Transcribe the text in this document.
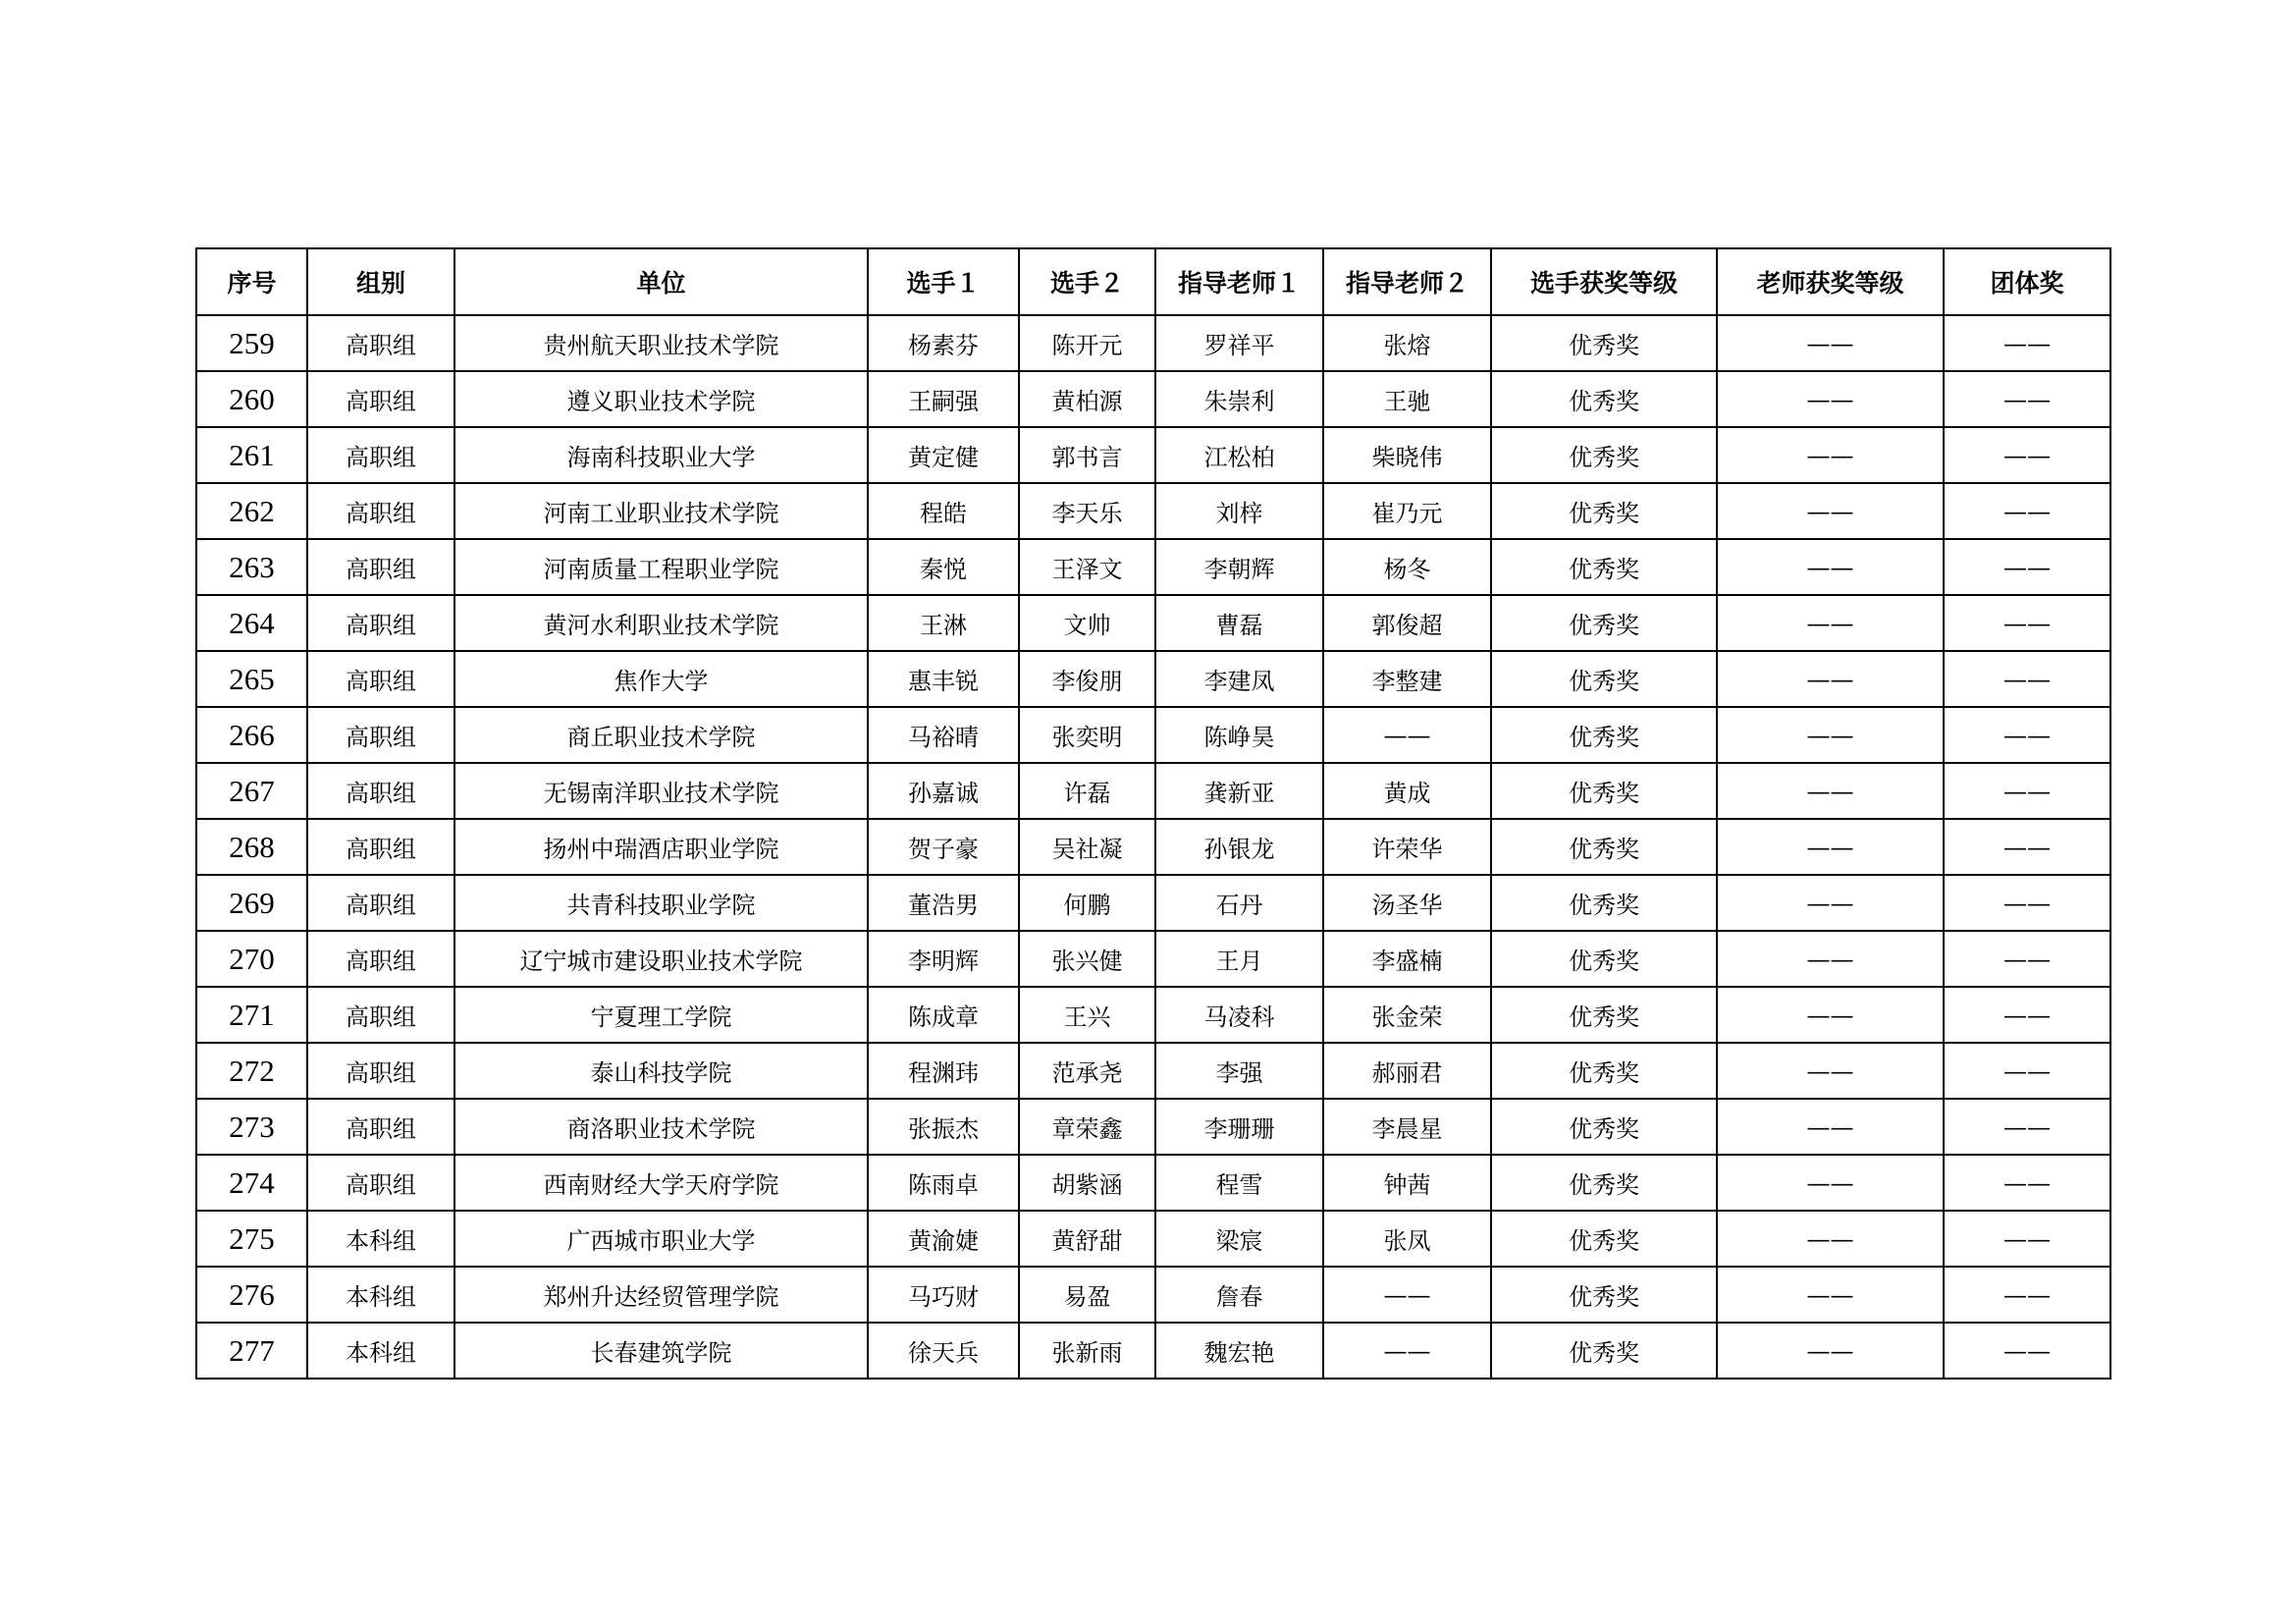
序号	组别	单位	选手１	选手２	指导老师１	指导老师２	选手获奖等级	老师获奖等级	团体奖
259	高职组	贵州航天职业技术学院	杨素芬	陈开元	罗祥平	张熔	优秀奖	——	——
260	高职组	遵义职业技术学院	王嗣强	黄柏源	朱崇利	王驰	优秀奖	——	——
261	高职组	海南科技职业大学	黄定健	郭书言	江松柏	柴晓伟	优秀奖	——	——
262	高职组	河南工业职业技术学院	程皓	李天乐	刘梓	崔乃元	优秀奖	——	——
263	高职组	河南质量工程职业学院	秦悦	王泽文	李朝辉	杨冬	优秀奖	——	——
264	高职组	黄河水利职业技术学院	王淋	文帅	曹磊	郭俊超	优秀奖	——	——
265	高职组	焦作大学	惠丰锐	李俊朋	李建凤	李整建	优秀奖	——	——
266	高职组	商丘职业技术学院	马裕晴	张奕明	陈峥昊	——	优秀奖	——	——
267	高职组	无锡南洋职业技术学院	孙嘉诚	许磊	龚新亚	黄成	优秀奖	——	——
268	高职组	扬州中瑞酒店职业学院	贺子豪	吴社凝	孙银龙	许荣华	优秀奖	——	——
269	高职组	共青科技职业学院	董浩男	何鹏	石丹	汤圣华	优秀奖	——	——
270	高职组	辽宁城市建设职业技术学院	李明辉	张兴健	王月	李盛楠	优秀奖	——	——
271	高职组	宁夏理工学院	陈成章	王兴	马凌科	张金荣	优秀奖	——	——
272	高职组	泰山科技学院	程渊玮	范承尧	李强	郝丽君	优秀奖	——	——
273	高职组	商洛职业技术学院	张振杰	章荣鑫	李珊珊	李晨星	优秀奖	——	——
274	高职组	西南财经大学天府学院	陈雨卓	胡紫涵	程雪	钟茜	优秀奖	——	——
275	本科组	广西城市职业大学	黄渝婕	黄舒甜	梁宸	张凤	优秀奖	——	——
276	本科组	郑州升达经贸管理学院	马巧财	易盈	詹春	——	优秀奖	——	——
277	本科组	长春建筑学院	徐天兵	张新雨	魏宏艳	——	优秀奖	——	——
